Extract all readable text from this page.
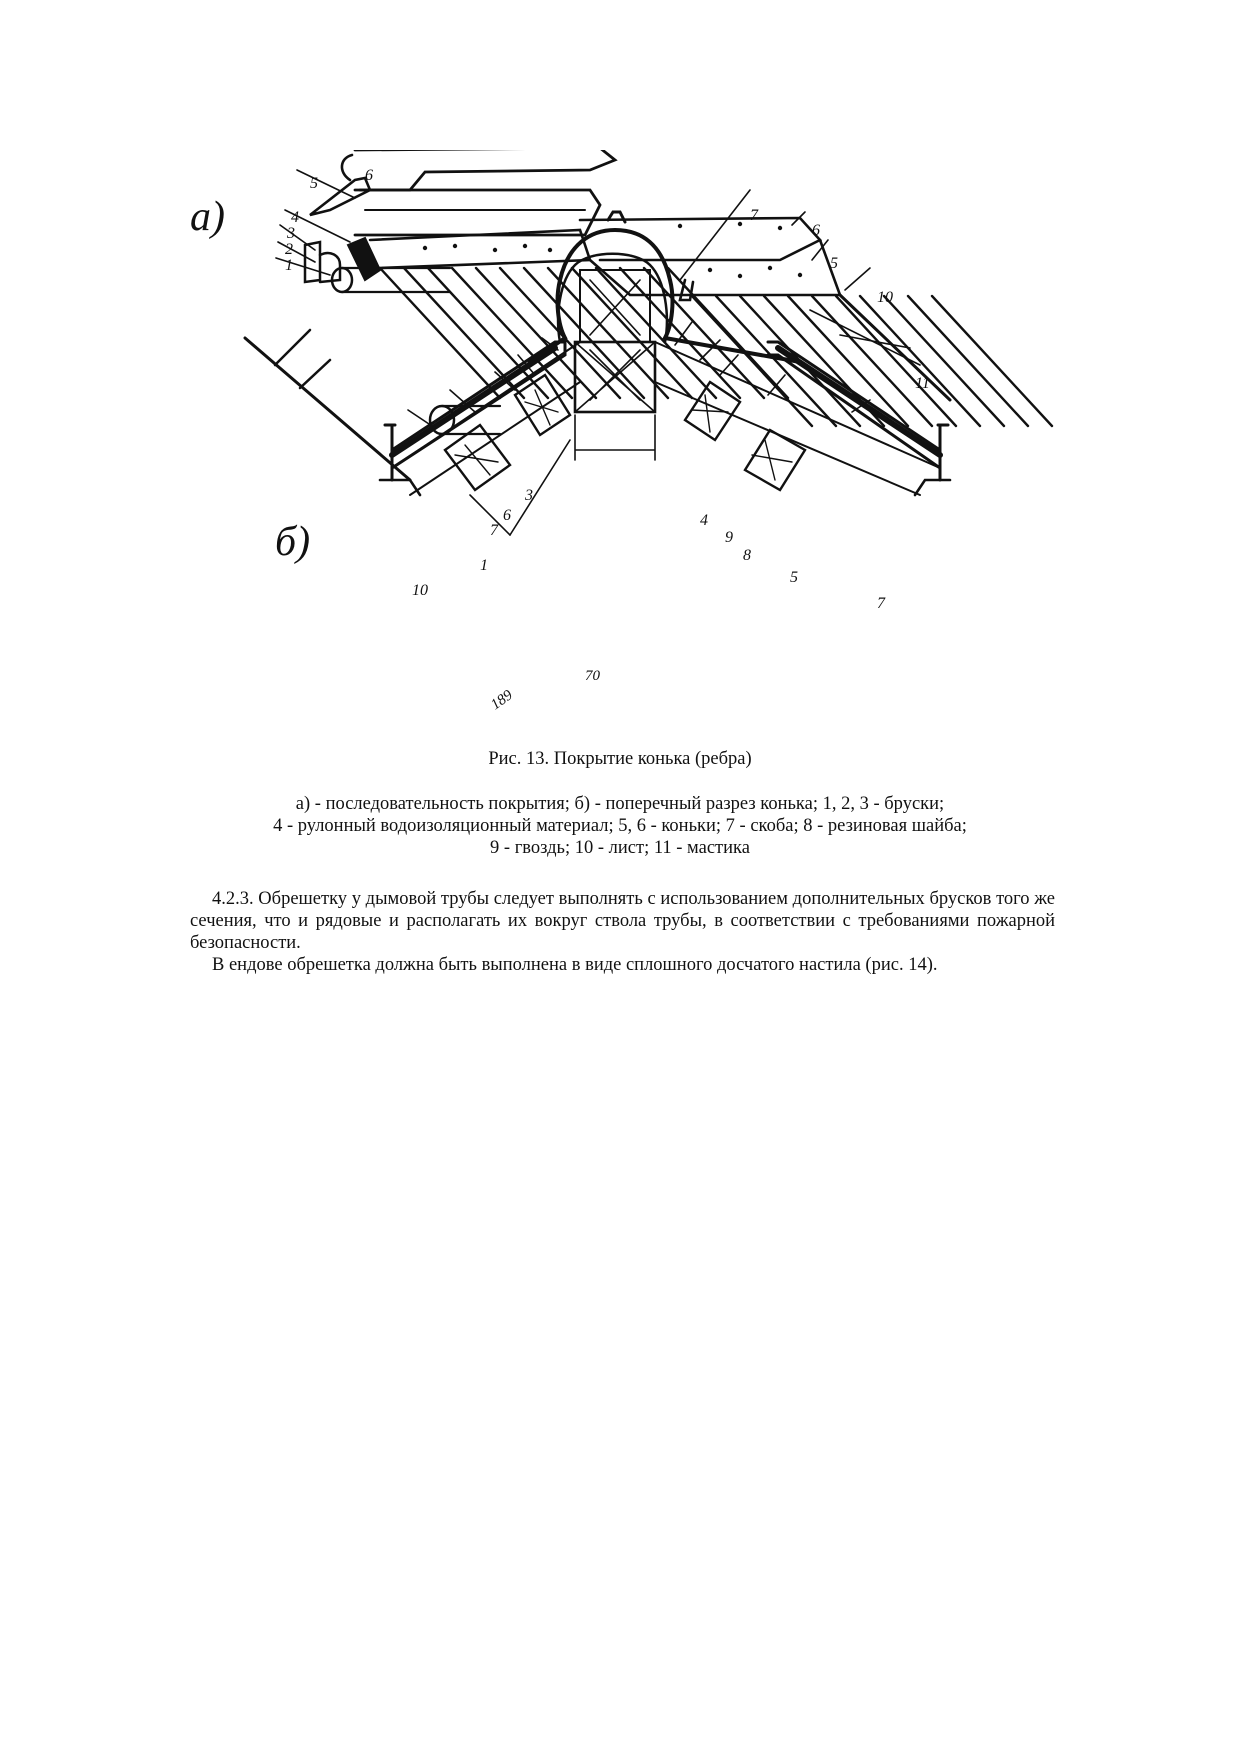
а)
б)
1
2
3
4
5	6
7
6
5
10
11
1
10
7
6
3
4
9
8
5
7
189
70
Рис. 13. Покрытие конька (ребра)
а) - последовательность покрытия; б) - поперечный разрез конька; 1, 2, 3 - бруски;
4 - рулонный водоизоляционный материал; 5, 6 - коньки; 7 - скоба; 8 - резиновая шайба;
9 - гвоздь; 10 - лист; 11 - мастика

4.2.3. Обрешетку у дымовой трубы следует выполнять с использованием дополнительных брусков того же сечения, что и рядовые и располагать их вокруг ствола трубы, в соответствии с требованиями пожарной безопасности.

В ендове обрешетка должна быть выполнена в виде сплошного досчатого настила (рис. 14).
